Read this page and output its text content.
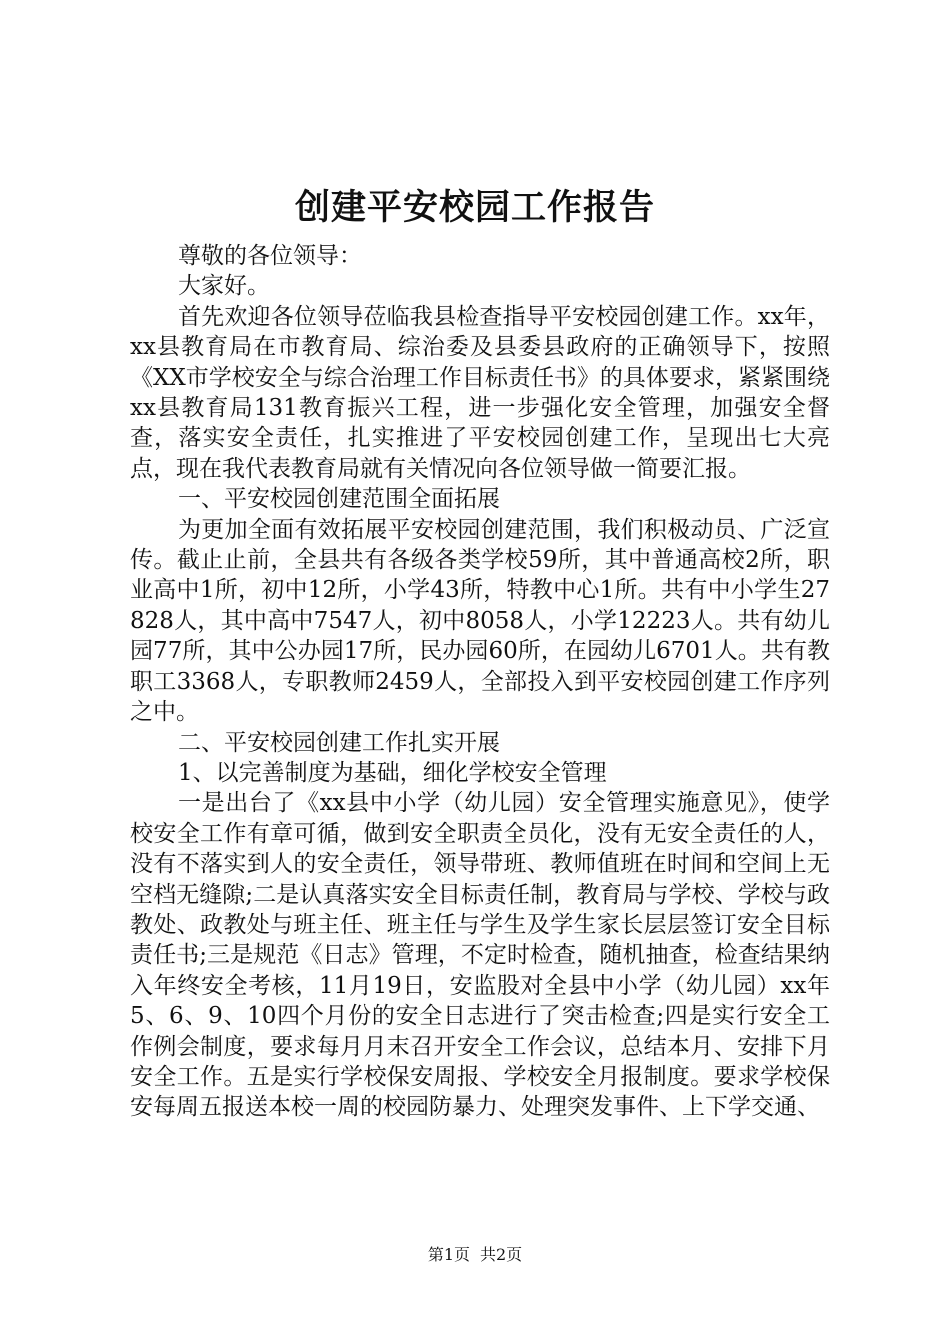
创建平安校园工作报告

尊敬的各位领导：

大家好。

首先欢迎各位领导莅临我县检查指导平安校园创建工作。xx年，xx县教育局在市教育局、综治委及县委县政府的正确领导下，按照《XX市学校安全与综合治理工作目标责任书》的具体要求，紧紧围绕xx县教育局131教育振兴工程，进一步强化安全管理，加强安全督查，落实安全责任，扎实推进了平安校园创建工作，呈现出七大亮点，现在我代表教育局就有关情况向各位领导做一简要汇报。

一、平安校园创建范围全面拓展

为更加全面有效拓展平安校园创建范围，我们积极动员、广泛宣传。截止止前，全县共有各级各类学校59所，其中普通高校2所，职业高中1所，初中12所，小学43所，特教中心1所。共有中小学生27828人，其中高中7547人，初中8058人，小学12223人。共有幼儿园77所，其中公办园17所，民办园60所，在园幼儿6701人。共有教职工3368人，专职教师2459人，全部投入到平安校园创建工作序列之中。

二、平安校园创建工作扎实开展

1、以完善制度为基础，细化学校安全管理

一是出台了《xx县中小学（幼儿园）安全管理实施意见》，使学校安全工作有章可循，做到安全职责全员化，没有无安全责任的人，没有不落实到人的安全责任，领导带班、教师值班在时间和空间上无空档无缝隙;二是认真落实安全目标责任制，教育局与学校、学校与政教处、政教处与班主任、班主任与学生及学生家长层层签订安全目标责任书;三是规范《日志》管理，不定时检查，随机抽查，检查结果纳入年终安全考核，11月19日，安监股对全县中小学（幼儿园）xx年5、6、9、10四个月份的安全日志进行了突击检查;四是实行安全工作例会制度，要求每月月末召开安全工作会议，总结本月、安排下月安全工作。五是实行学校保安周报、学校安全月报制度。要求学校保安每周五报送本校一周的校园防暴力、处理突发事件、上下学交通、

第1页 共2页
